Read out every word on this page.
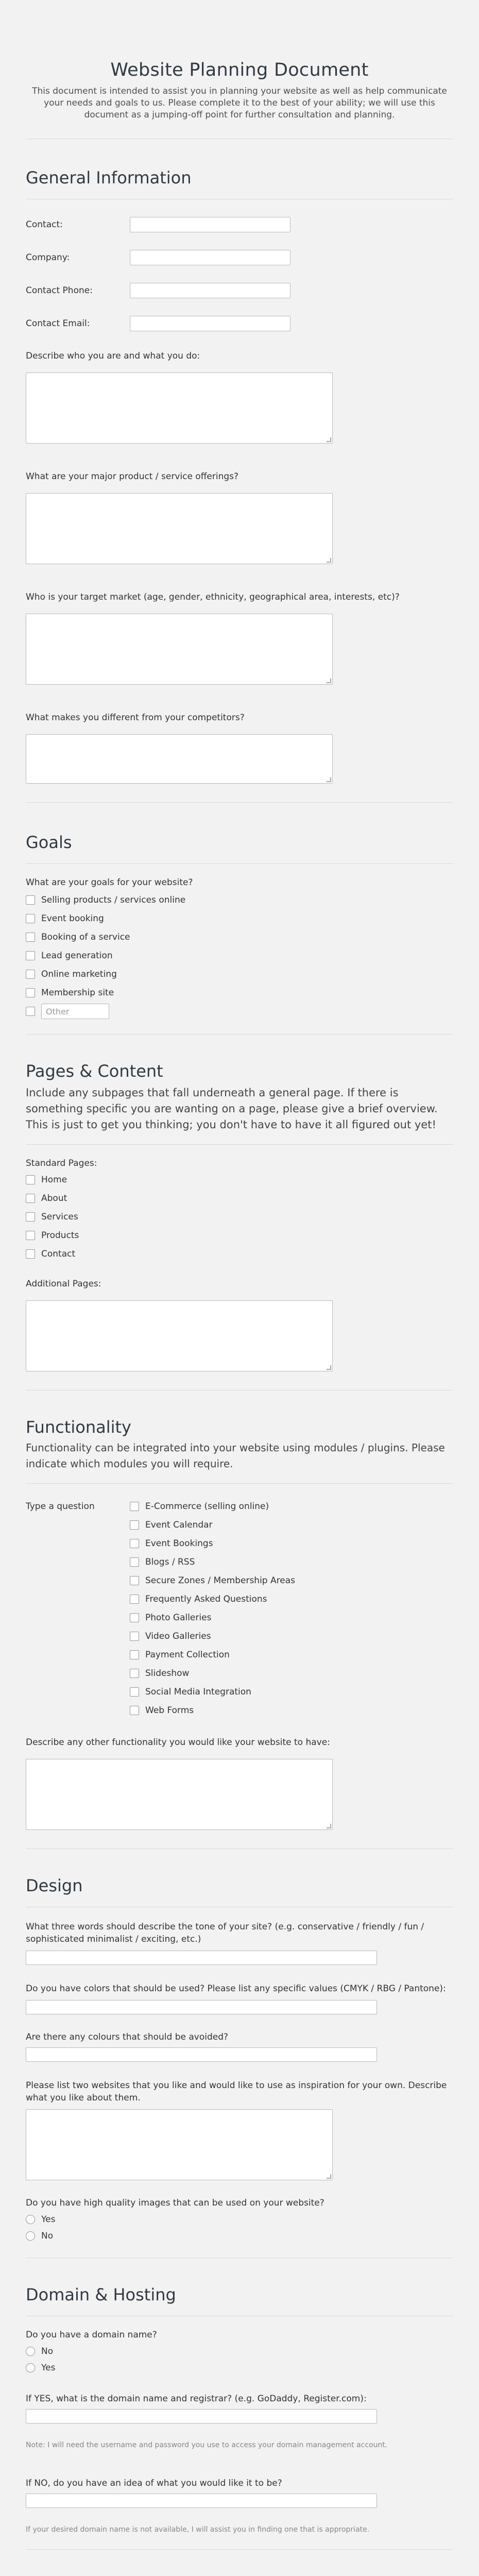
Website Planning Document

This document is intended to assist you in planning your website as well as help communicate your needs and goals to us. Please complete it to the best of your ability; we will use this document as a jumping-off point for further consultation and planning.

General Information
Contact:
Company:
Contact Phone:
Contact Email:
Describe who you are and what you do:
What are your major product / service offerings?
Who is your target market (age, gender, ethnicity, geographical area, interests, etc)?
What makes you different from your competitors?
Goals
What are your goals for your website?
Selling products / services online
Event booking
Booking of a service
Lead generation
Online marketing
Membership site
Other
Pages & Content

Include any subpages that fall underneath a general page. If there is something specific you are wanting on a page, please give a brief overview. This is just to get you thinking; you don't have to have it all figured out yet!

Standard Pages:
Home
About
Services
Products
Contact
Additional Pages:
Functionality

Functionality can be integrated into your website using modules / plugins. Please indicate which modules you will require.

Type a question	E-Commerce (selling online)
Event Calendar
Event Bookings
Blogs / RSS
Secure Zones / Membership Areas
Frequently Asked Questions
Photo Galleries
Video Galleries
Payment Collection
Slideshow
Social Media Integration
Web Forms
Describe any other functionality you would like your website to have:
Design
What three words should describe the tone of your site? (e.g. conservative / friendly / fun / sophisticated minimalist / exciting, etc.)
Do you have colors that should be used? Please list any specific values (CMYK / RBG / Pantone):
Are there any colours that should be avoided?
Please list two websites that you like and would like to use as inspiration for your own. Describe what you like about them.
Do you have high quality images that can be used on your website?
Yes
No
Domain & Hosting
Do you have a domain name?
No
Yes
If YES, what is the domain name and registrar? (e.g. GoDaddy, Register.com):
Note: I will need the username and password you use to access your domain management account.
If NO, do you have an idea of what you would like it to be?
If your desired domain name is not available, I will assist you in finding one that is appropriate.
